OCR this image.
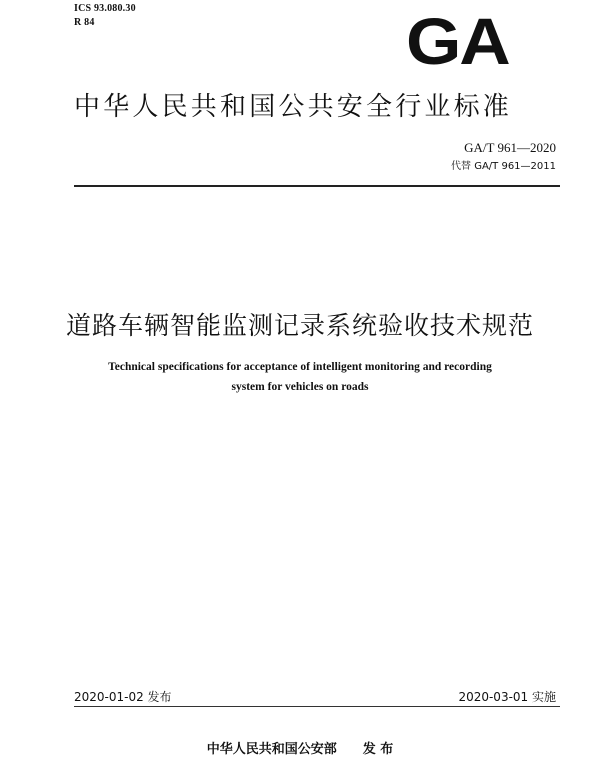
ICS 93.080.30
R 84	GA
中华人民共和国公共安全行业标准
GA/T 961—2020
代替 GA/T 961—2011
道路车辆智能监测记录系统验收技术规范
Technical specifications for acceptance of intelligent monitoring and recording
system for vehicles on roads
2020-01-02 发布	2020-03-01 实施
中华人民共和国公安部 发 布
